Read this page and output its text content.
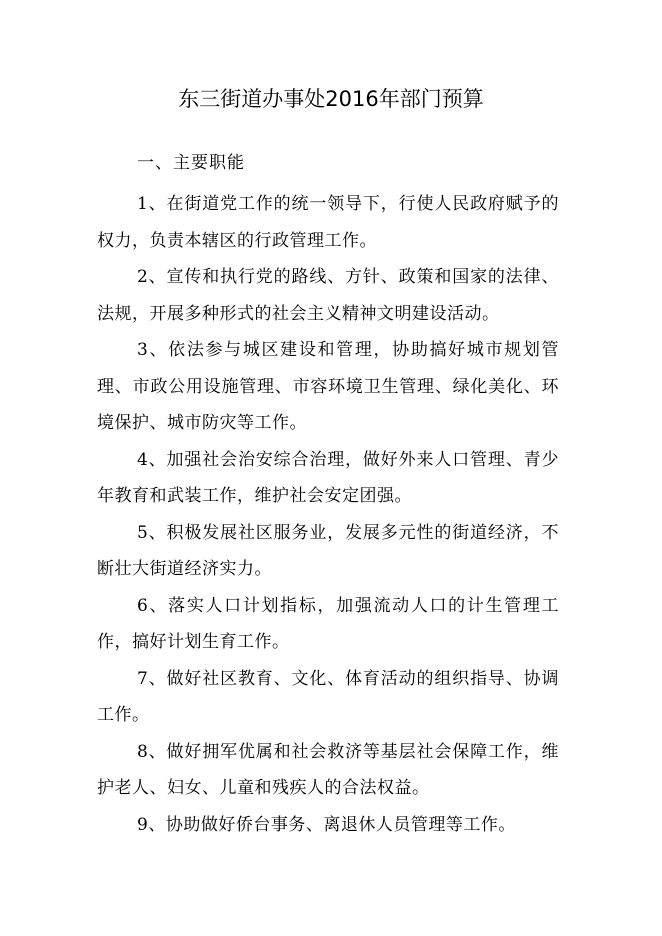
东三街道办事处2016年部门预算
一、主要职能
1、在街道党工作的统一领导下，行使人民政府赋予的权力，负责本辖区的行政管理工作。
2、宣传和执行党的路线、方针、政策和国家的法律、法规，开展多种形式的社会主义精神文明建设活动。
3、依法参与城区建设和管理，协助搞好城市规划管理、市政公用设施管理、市容环境卫生管理、绿化美化、环境保护、城市防灾等工作。
4、加强社会治安综合治理，做好外来人口管理、青少年教育和武装工作，维护社会安定团强。
5、积极发展社区服务业，发展多元性的街道经济，不断壮大街道经济实力。
6、落实人口计划指标，加强流动人口的计生管理工作，搞好计划生育工作。
7、做好社区教育、文化、体育活动的组织指导、协调工作。
8、做好拥军优属和社会救济等基层社会保障工作，维护老人、妇女、儿童和残疾人的合法权益。
9、协助做好侨台事务、离退休人员管理等工作。
